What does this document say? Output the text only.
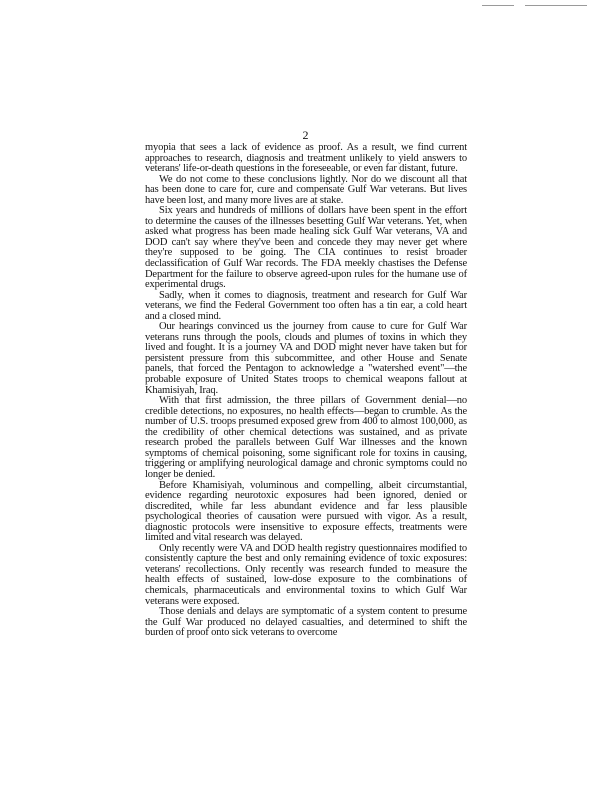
2

myopia that sees a lack of evidence as proof. As a result, we find current approaches to research, diagnosis and treatment unlikely to yield answers to veterans' life-or-death questions in the foreseeable, or even far distant, future.

We do not come to these conclusions lightly. Nor do we discount all that has been done to care for, cure and compensate Gulf War veterans. But lives have been lost, and many more lives are at stake.

Six years and hundreds of millions of dollars have been spent in the effort to determine the causes of the illnesses besetting Gulf War veterans. Yet, when asked what progress has been made healing sick Gulf War veterans, VA and DOD can't say where they've been and concede they may never get where they're supposed to be going. The CIA continues to resist broader declassification of Gulf War records. The FDA meekly chastises the Defense Department for the failure to observe agreed-upon rules for the humane use of experimental drugs.

Sadly, when it comes to diagnosis, treatment and research for Gulf War veterans, we find the Federal Government too often has a tin ear, a cold heart and a closed mind.

Our hearings convinced us the journey from cause to cure for Gulf War veterans runs through the pools, clouds and plumes of toxins in which they lived and fought. It is a journey VA and DOD might never have taken but for persistent pressure from this subcommittee, and other House and Senate panels, that forced the Pentagon to acknowledge a "watershed event"—the probable exposure of United States troops to chemical weapons fallout at Khamisiyah, Iraq.

With that first admission, the three pillars of Government denial—no credible detections, no exposures, no health effects—began to crumble. As the number of U.S. troops presumed exposed grew from 400 to almost 100,000, as the credibility of other chemical detections was sustained, and as private research probed the parallels between Gulf War illnesses and the known symptoms of chemical poisoning, some significant role for toxins in causing, triggering or amplifying neurological damage and chronic symptoms could no longer be denied.

Before Khamisiyah, voluminous and compelling, albeit circumstantial, evidence regarding neurotoxic exposures had been ignored, denied or discredited, while far less abundant evidence and far less plausible psychological theories of causation were pursued with vigor. As a result, diagnostic protocols were insensitive to exposure effects, treatments were limited and vital research was delayed.

Only recently were VA and DOD health registry questionnaires modified to consistently capture the best and only remaining evidence of toxic exposures: veterans' recollections. Only recently was research funded to measure the health effects of sustained, low-dose exposure to the combinations of chemicals, pharmaceuticals and environmental toxins to which Gulf War veterans were exposed.

Those denials and delays are symptomatic of a system content to presume the Gulf War produced no delayed casualties, and determined to shift the burden of proof onto sick veterans to overcome
